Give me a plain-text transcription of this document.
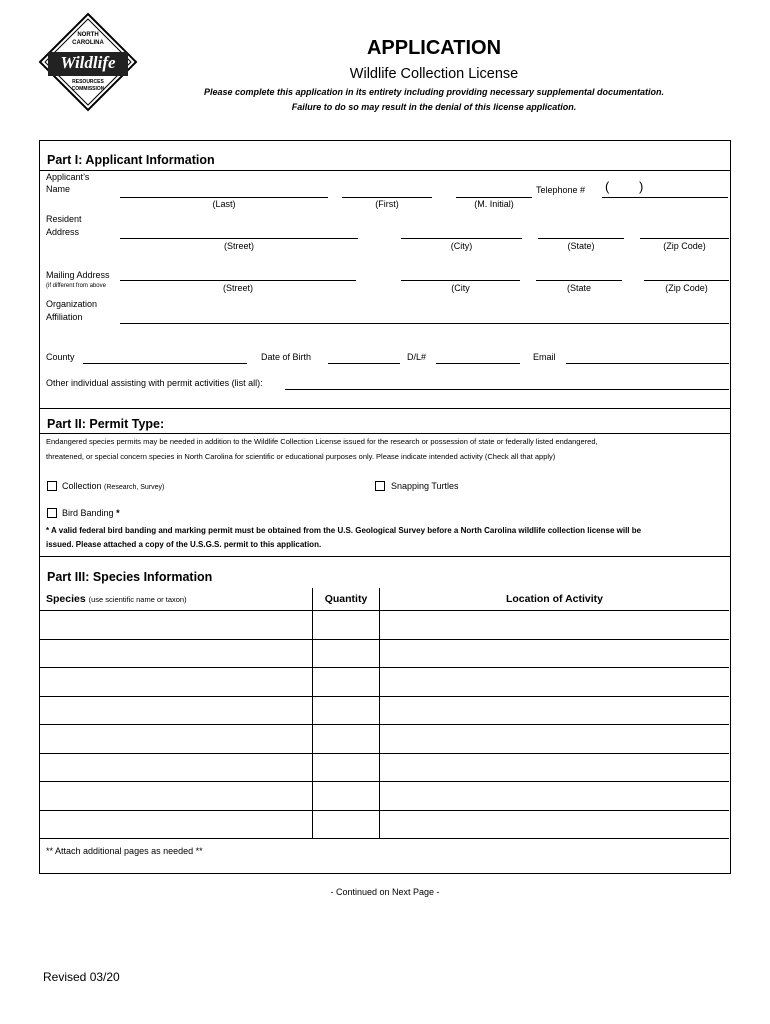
NORTH
CAROLINA
Wildlife
RESOURCES
COMMISSION
APPLICATION
Wildlife Collection License
Please complete this application in its entirety including providing necessary supplemental documentation.
Failure to do so may result in the denial of this license application.
Part I: Applicant Information
Applicant’s
Name
(Last)	(First)	(M. Initial)
Telephone # ( )
Resident
Address
(Street)	(City)	(State)	(Zip Code)
Mailing Address
(if different from above	(Street)	(City	(State	(Zip Code)
Organization
Affiliation
County	Date of Birth	D/L#	Email
Other individual assisting with permit activities (list all):
Part II: Permit Type:
Endangered species permits may be needed in addition to the Wildlife Collection License issued for the research or possession of state or federally listed endangered,
threatened, or special concern species in North Carolina for scientific or educational purposes only. Please indicate intended activity (Check all that apply)
Collection (Research, Survey)	Snapping Turtles
Bird Banding *
* A valid federal bird banding and marking permit must be obtained from the U.S. Geological Survey before a North Carolina wildlife collection license will be
issued. Please attached a copy of the U.S.G.S. permit to this application.
Part III: Species Information
Species (use scientific name or taxon)	Quantity	Location of Activity

** Attach additional pages as needed **
- Continued on Next Page -
Revised 03/20
